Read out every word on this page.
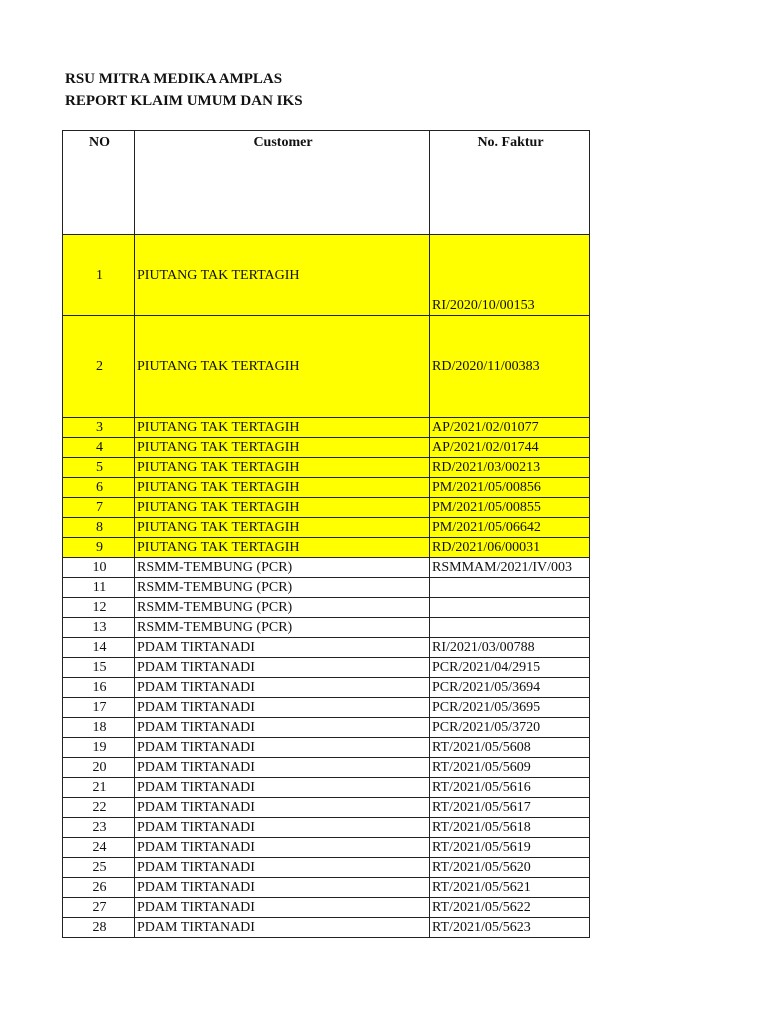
RSU MITRA MEDIKA AMPLAS
REPORT KLAIM UMUM DAN IKS
NO	Customer	No. Faktur
1	PIUTANG TAK TERTAGIH	RI/2020/10/00153
2	PIUTANG TAK TERTAGIH	RD/2020/11/00383
3	PIUTANG TAK TERTAGIH	AP/2021/02/01077
4	PIUTANG TAK TERTAGIH	AP/2021/02/01744
5	PIUTANG TAK TERTAGIH	RD/2021/03/00213
6	PIUTANG TAK TERTAGIH	PM/2021/05/00856
7	PIUTANG TAK TERTAGIH	PM/2021/05/00855
8	PIUTANG TAK TERTAGIH	PM/2021/05/06642
9	PIUTANG TAK TERTAGIH	RD/2021/06/00031
10	RSMM-TEMBUNG (PCR)	RSMMAM/2021/IV/003
11	RSMM-TEMBUNG (PCR)	
12	RSMM-TEMBUNG (PCR)	
13	RSMM-TEMBUNG (PCR)	
14	PDAM TIRTANADI	RI/2021/03/00788
15	PDAM TIRTANADI	PCR/2021/04/2915
16	PDAM TIRTANADI	PCR/2021/05/3694
17	PDAM TIRTANADI	PCR/2021/05/3695
18	PDAM TIRTANADI	PCR/2021/05/3720
19	PDAM TIRTANADI	RT/2021/05/5608
20	PDAM TIRTANADI	RT/2021/05/5609
21	PDAM TIRTANADI	RT/2021/05/5616
22	PDAM TIRTANADI	RT/2021/05/5617
23	PDAM TIRTANADI	RT/2021/05/5618
24	PDAM TIRTANADI	RT/2021/05/5619
25	PDAM TIRTANADI	RT/2021/05/5620
26	PDAM TIRTANADI	RT/2021/05/5621
27	PDAM TIRTANADI	RT/2021/05/5622
28	PDAM TIRTANADI	RT/2021/05/5623
